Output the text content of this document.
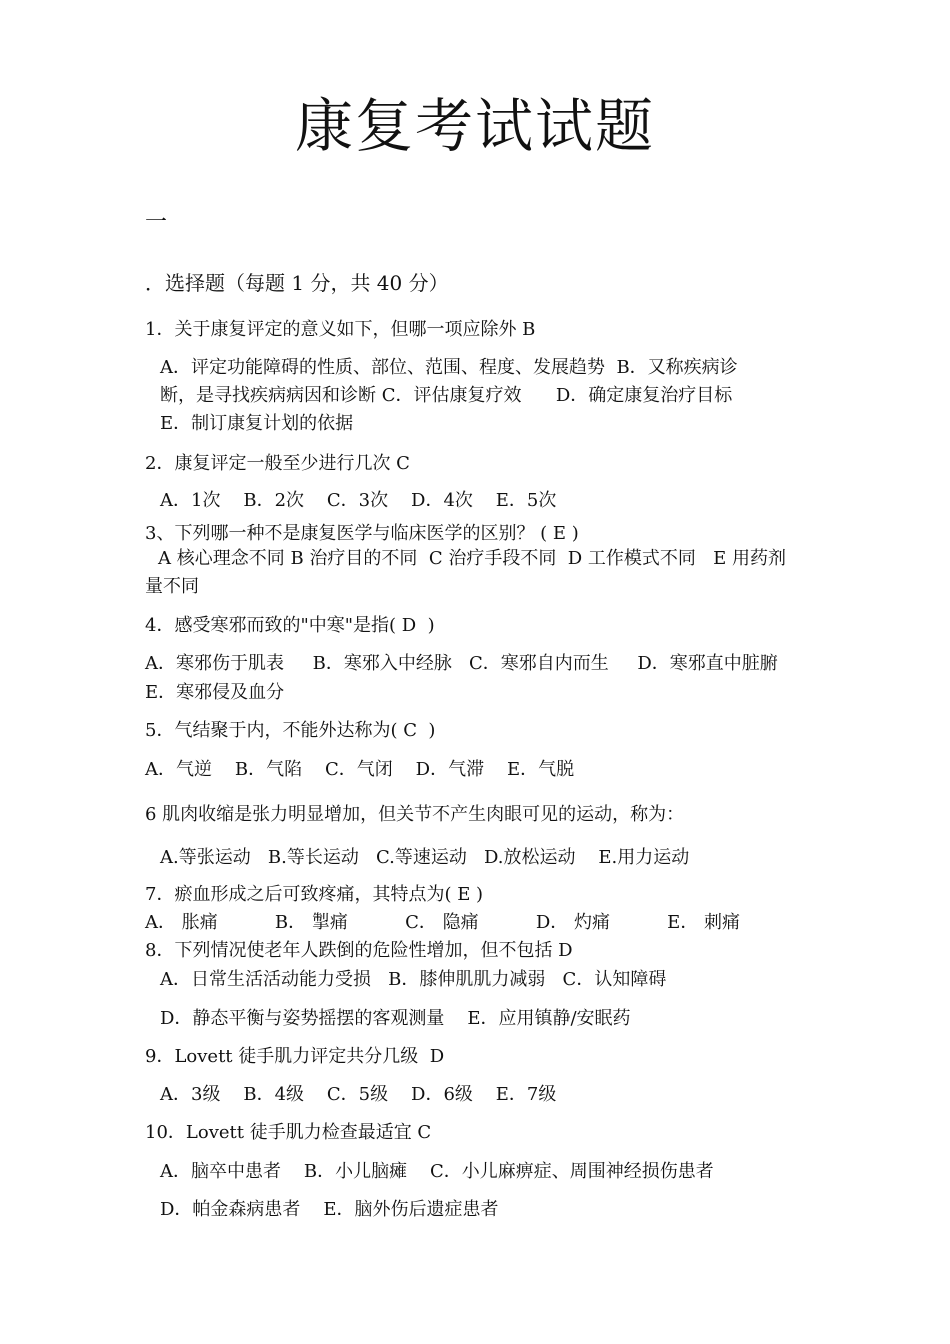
康复考试试题

一

．选择题（每题 1 分，共 40 分）

1．关于康复评定的意义如下，但哪一项应除外 B

A．评定功能障碍的性质、部位、范围、程度、发展趋势  B．又称疾病诊

断，是寻找疾病病因和诊断 C．评估康复疗效      D．确定康复治疗目标

E．制订康复计划的依据

2．康复评定一般至少进行几次 C

A．1次    B．2次    C．3次    D．4次    E．5次

3、下列哪一种不是康复医学与临床医学的区别？ ( E )

A 核心理念不同 B 治疗目的不同  C 治疗手段不同  D 工作模式不同   E 用药剂

量不同

4．感受寒邪而致的"中寒"是指( D  )

A．寒邪伤于肌表     B．寒邪入中经脉   C．寒邪自内而生     D．寒邪直中脏腑

E．寒邪侵及血分

5．气结聚于内，不能外达称为( C  )

A．气逆    B．气陷    C．气闭    D．气滞    E．气脱

6 肌肉收缩是张力明显增加，但关节不产生肉眼可见的运动，称为：

A.等张运动   B.等长运动   C.等速运动   D.放松运动    E.用力运动

7．瘀血形成之后可致疼痛，其特点为( E )

A． 胀痛          B． 掣痛          C． 隐痛          D． 灼痛          E． 刺痛

8．下列情况使老年人跌倒的危险性增加，但不包括 D

A．日常生活活动能力受损   B．膝伸肌肌力减弱   C．认知障碍

D．静态平衡与姿势摇摆的客观测量    E．应用镇静/安眠药

9．Lovett 徒手肌力评定共分几级  D

A．3级    B．4级    C．5级    D．6级    E．7级

10．Lovett 徒手肌力检查最适宜 C

A．脑卒中患者    B．小儿脑瘫    C．小儿麻痹症、周围神经损伤患者

D．帕金森病患者    E．脑外伤后遗症患者
